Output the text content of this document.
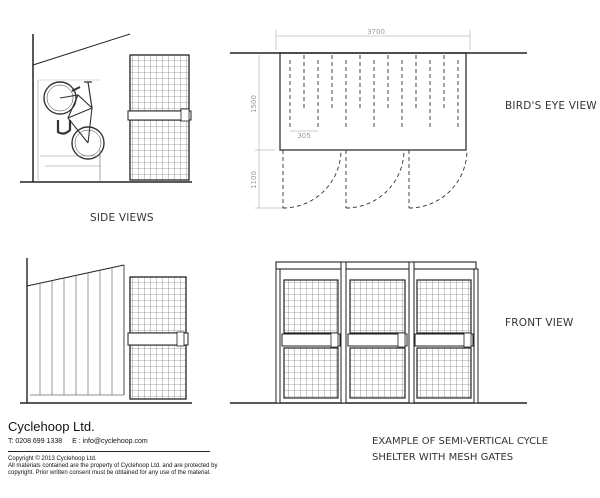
3700
1500
1100
305
SIDE VIEWS
BIRD'S EYE VIEW
FRONT VIEW
Cyclehoop Ltd.
T: 0208 699 1338 E : info@cyclehoop.com
Copyright © 2013 Cyclehoop Ltd.
All materials contained are the property of Cyclehoop Ltd. and are protected by
copyright. Prior written consent must be obtained for any use of the material.
EXAMPLE OF SEMI-VERTICAL CYCLE
SHELTER WITH MESH GATES
